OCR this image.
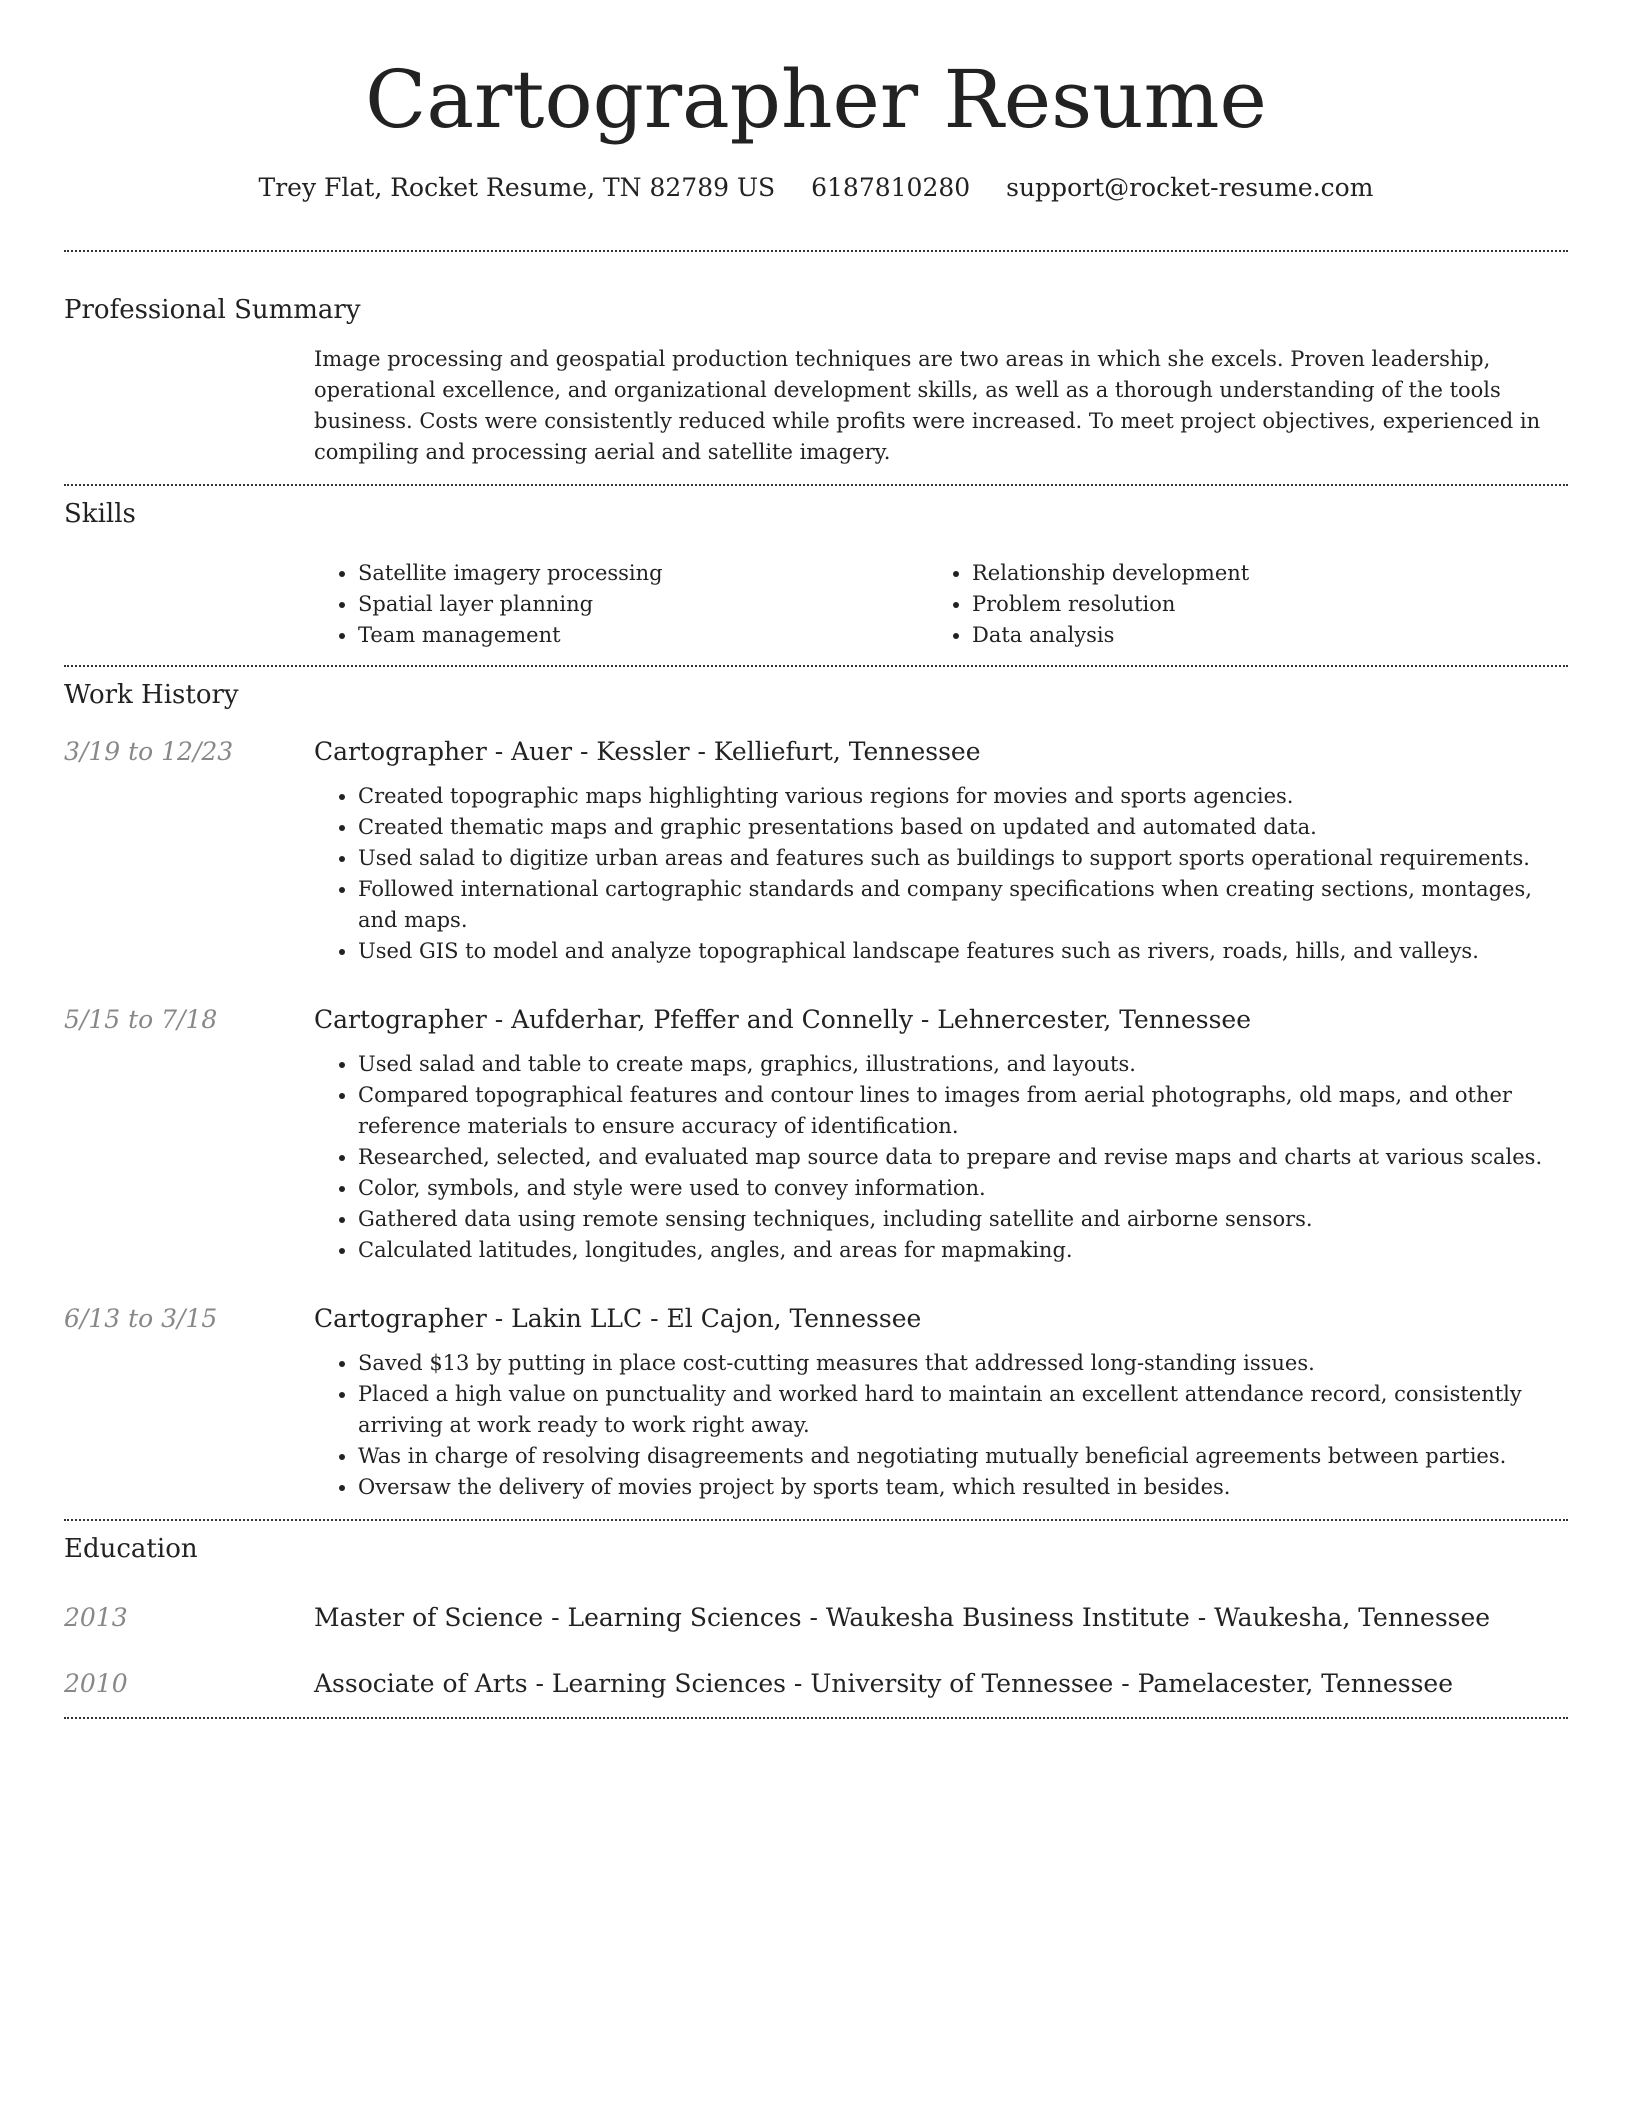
Cartographer Resume
Trey Flat, Rocket Resume, TN 82789 US 6187810280 support@rocket-resume.com
Professional Summary

Image processing and geospatial production techniques are two areas in which she excels. Proven leadership, operational excellence, and organizational development skills, as well as a thorough understanding of the tools business. Costs were consistently reduced while profits were increased. To meet project objectives, experienced in compiling and processing aerial and satellite imagery.

Skills
• Satellite imagery processing
• Spatial layer planning
• Team management
• Relationship development
• Problem resolution
• Data analysis
Work History
3/19 to 12/23	Cartographer - Auer - Kessler - Kelliefurt, Tennessee
• Created topographic maps highlighting various regions for movies and sports agencies.
• Created thematic maps and graphic presentations based on updated and automated data.
• Used salad to digitize urban areas and features such as buildings to support sports operational requirements.
• Followed international cartographic standards and company specifications when creating sections, montages, and maps.
• Used GIS to model and analyze topographical landscape features such as rivers, roads, hills, and valleys.
5/15 to 7/18	Cartographer - Aufderhar, Pfeffer and Connelly - Lehnercester, Tennessee
• Used salad and table to create maps, graphics, illustrations, and layouts.
• Compared topographical features and contour lines to images from aerial photographs, old maps, and other reference materials to ensure accuracy of identification.
• Researched, selected, and evaluated map source data to prepare and revise maps and charts at various scales.
• Color, symbols, and style were used to convey information.
• Gathered data using remote sensing techniques, including satellite and airborne sensors.
• Calculated latitudes, longitudes, angles, and areas for mapmaking.
6/13 to 3/15	Cartographer - Lakin LLC - El Cajon, Tennessee
• Saved $13 by putting in place cost-cutting measures that addressed long-standing issues.
• Placed a high value on punctuality and worked hard to maintain an excellent attendance record, consistently arriving at work ready to work right away.
• Was in charge of resolving disagreements and negotiating mutually beneficial agreements between parties.
• Oversaw the delivery of movies project by sports team, which resulted in besides.
Education
2013	Master of Science - Learning Sciences - Waukesha Business Institute - Waukesha, Tennessee
2010	Associate of Arts - Learning Sciences - University of Tennessee - Pamelacester, Tennessee
